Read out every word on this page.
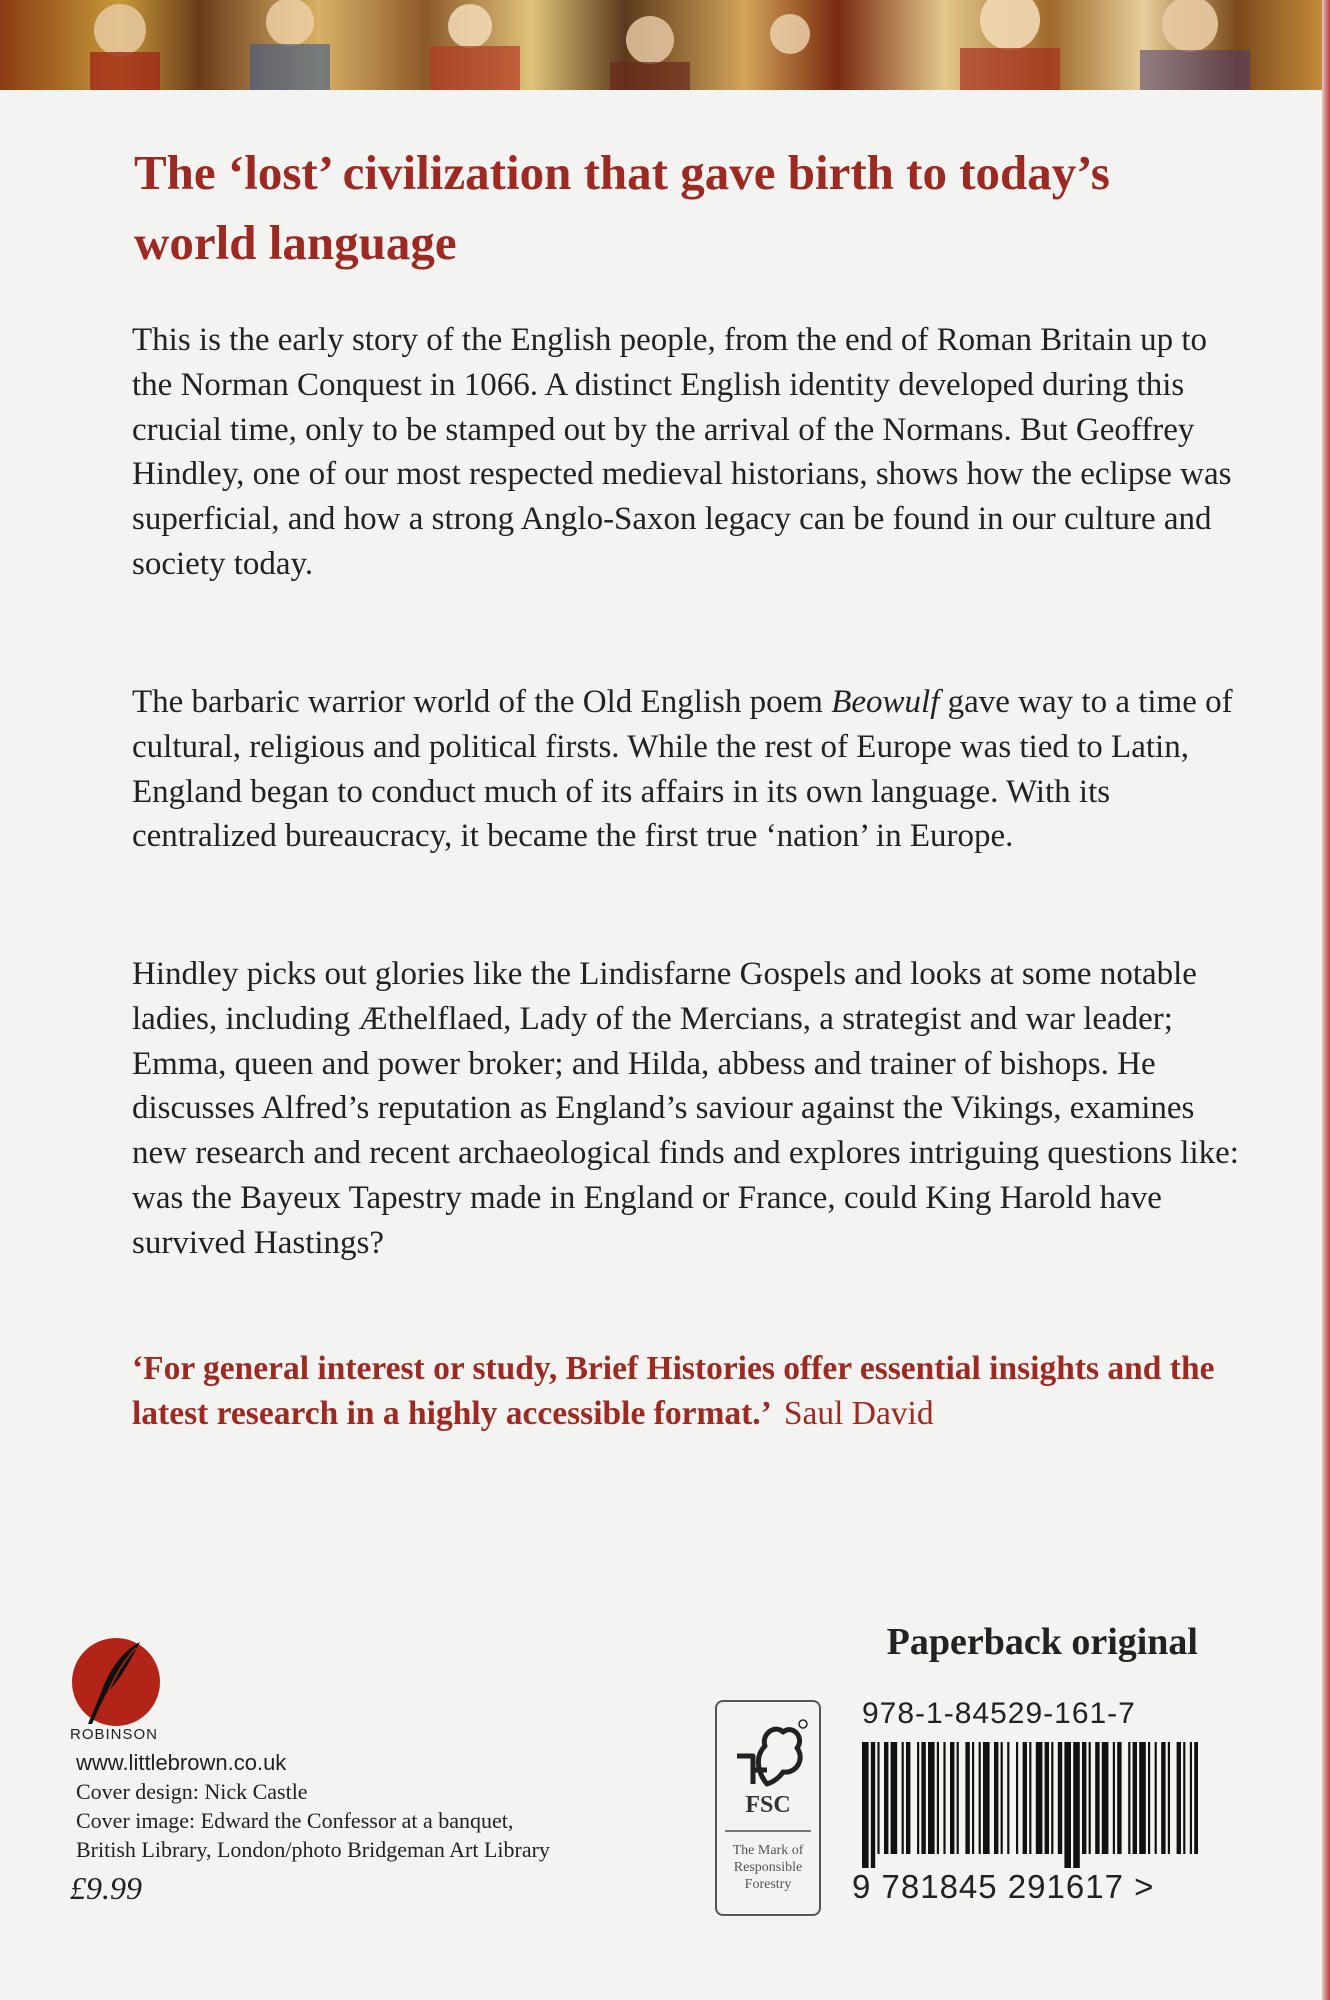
The ‘lost’ civilization that gave birth to today’s world language

This is the early story of the English people, from the end of Roman Britain up to the Norman Conquest in 1066. A distinct English identity developed during this crucial time, only to be stamped out by the arrival of the Normans. But Geoffrey Hindley, one of our most respected medieval historians, shows how the eclipse was superficial, and how a strong Anglo-Saxon legacy can be found in our culture and society today.

The barbaric warrior world of the Old English poem Beowulf gave way to a time of cultural, religious and political firsts. While the rest of Europe was tied to Latin, England began to conduct much of its affairs in its own language. With its centralized bureaucracy, it became the first true ‘nation’ in Europe.

Hindley picks out glories like the Lindisfarne Gospels and looks at some notable ladies, including Æthelflaed, Lady of the Mercians, a strategist and war leader; Emma, queen and power broker; and Hilda, abbess and trainer of bishops. He discusses Alfred’s reputation as England’s saviour against the Vikings, examines new research and recent archaeological finds and explores intriguing questions like: was the Bayeux Tapestry made in England or France, could King Harold have survived Hastings?

‘For general interest or study, Brief Histories offer essential insights and the latest research in a highly accessible format.’ Saul David

ROBINSON
www.littlebrown.co.uk

Cover design: Nick Castle

Cover image: Edward the Confessor at a banquet,

British Library, London/photo Bridgeman Art Library

£9.99
FSC
The Mark of
Responsible
Forestry
Paperback original
978-1-84529-161-7
9 781845 291617 >
